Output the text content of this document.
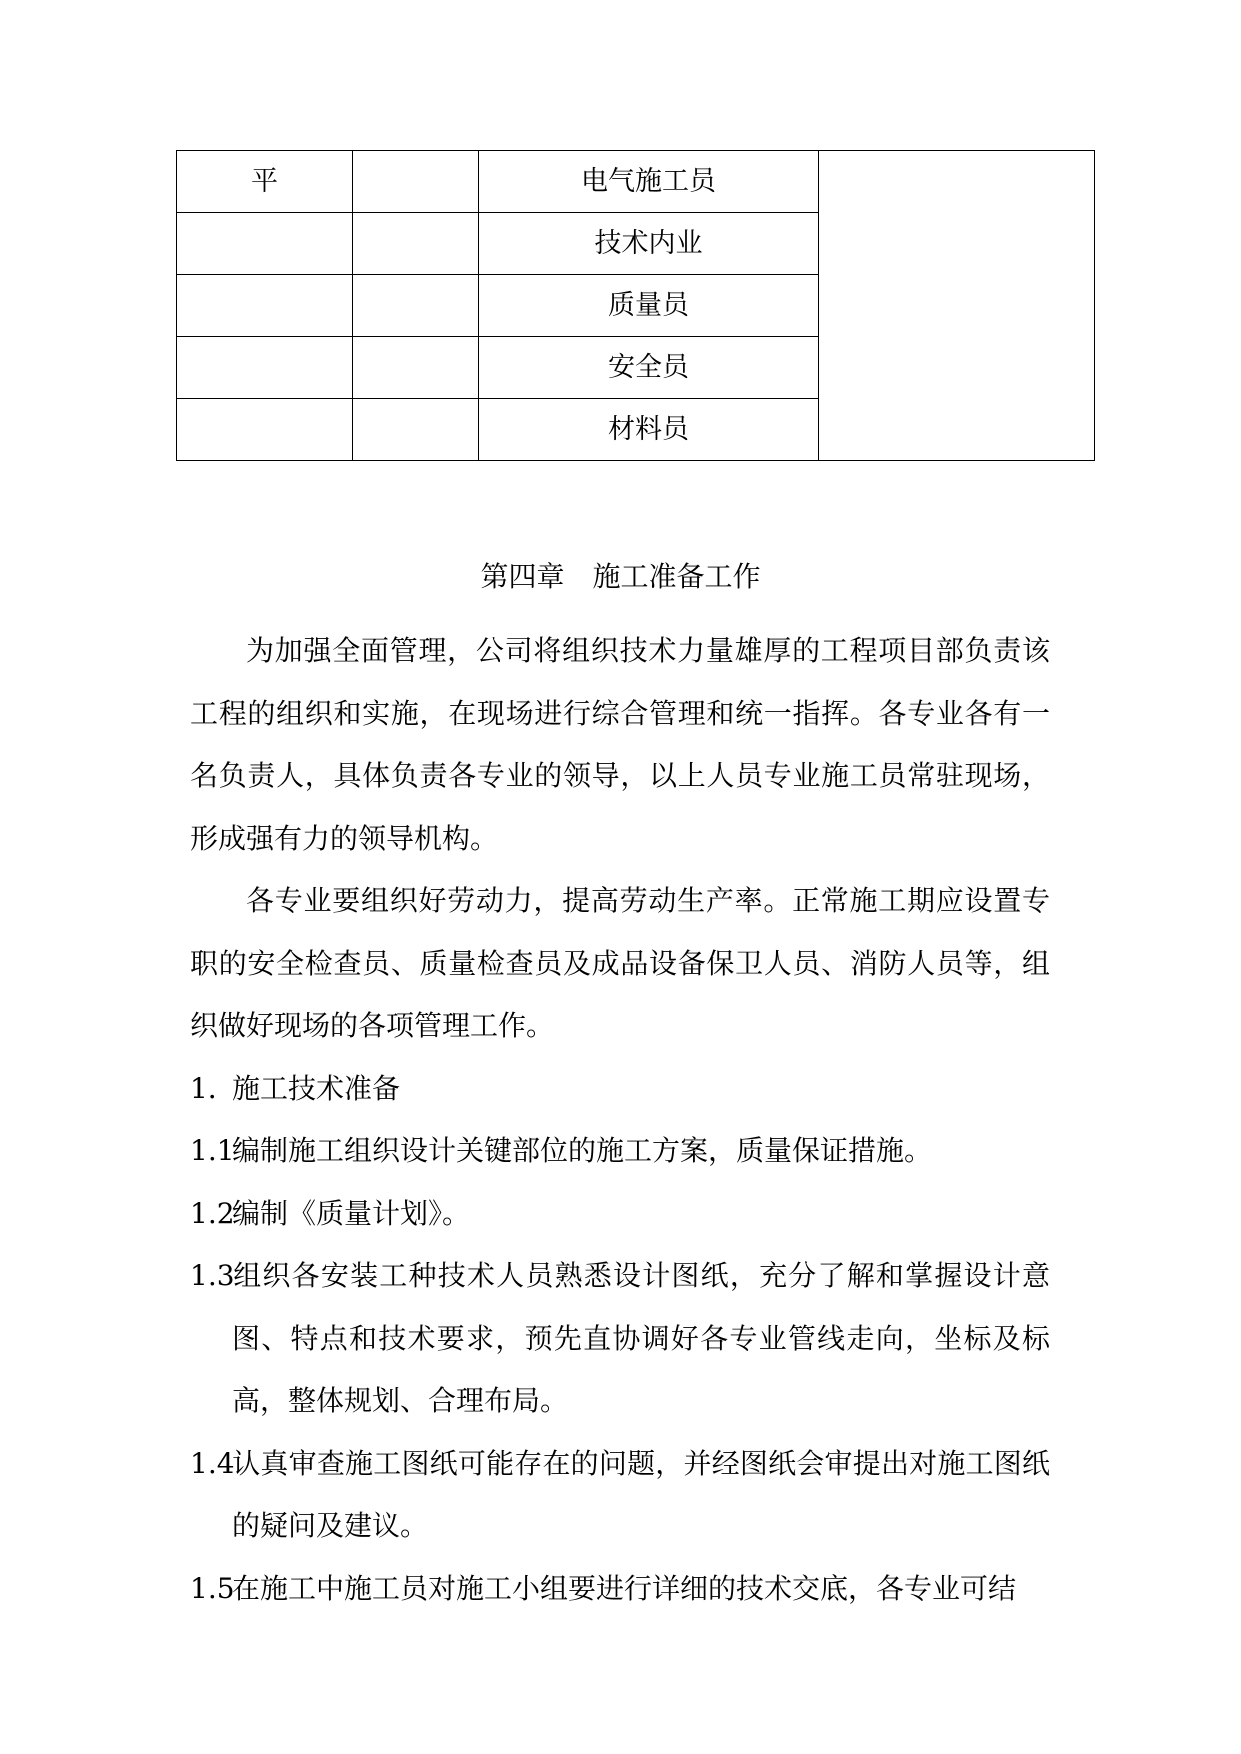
平		电气施工员	
		技术内业	
		质量员	
		安全员	
		材料员	
第四章 施工准备工作

为加强全面管理，公司将组织技术力量雄厚的工程项目部负责该工程的组织和实施，在现场进行综合管理和统一指挥。各专业各有一名负责人，具体负责各专业的领导，以上人员专业施工员常驻现场，形成强有力的领导机构。

各专业要组织好劳动力，提高劳动生产率。正常施工期应设置专职的安全检查员、质量检查员及成品设备保卫人员、消防人员等，组织做好现场的各项管理工作。

1．施工技术准备

1.1编制施工组织设计关键部位的施工方案，质量保证措施。

1.2编制《质量计划》。

1.3组织各安装工种技术人员熟悉设计图纸，充分了解和掌握设计意图、特点和技术要求，预先直协调好各专业管线走向，坐标及标高，整体规划、合理布局。

1.4认真审查施工图纸可能存在的问题，并经图纸会审提出对施工图纸的疑问及建议。

1.5在施工中施工员对施工小组要进行详细的技术交底，各专业可结
